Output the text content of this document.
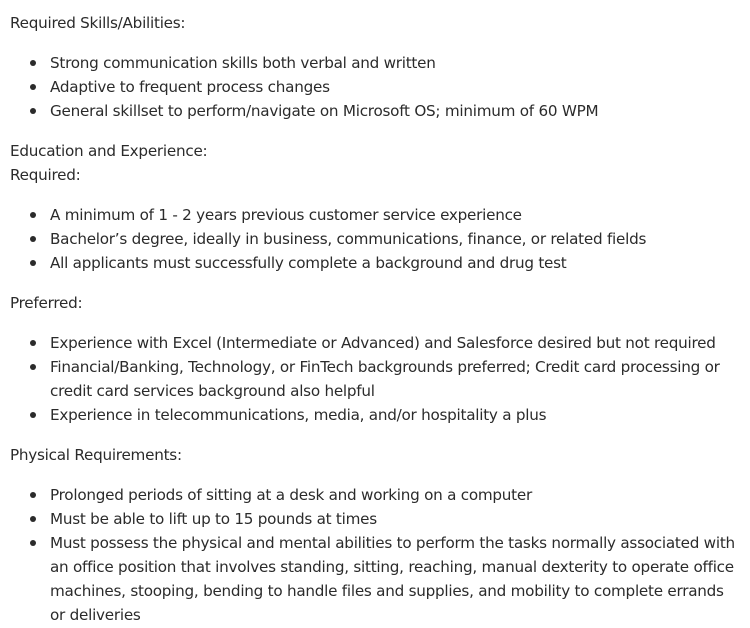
Required Skills/Abilities:

Strong communication skills both verbal and written
Adaptive to frequent process changes
General skillset to perform/navigate on Microsoft OS; minimum of 60 WPM

Education and Experience:

Required:

A minimum of 1 - 2 years previous customer service experience
Bachelor’s degree, ideally in business, communications, finance, or related fields
All applicants must successfully complete a background and drug test

Preferred:

Experience with Excel (Intermediate or Advanced) and Salesforce desired but not required
Financial/Banking, Technology, or FinTech backgrounds preferred; Credit card processing or credit card services background also helpful
Experience in telecommunications, media, and/or hospitality a plus

Physical Requirements:

Prolonged periods of sitting at a desk and working on a computer
Must be able to lift up to 15 pounds at times
Must possess the physical and mental abilities to perform the tasks normally associated with an office position that involves standing, sitting, reaching, manual dexterity to operate office machines, stooping, bending to handle files and supplies, and mobility to complete errands or deliveries
